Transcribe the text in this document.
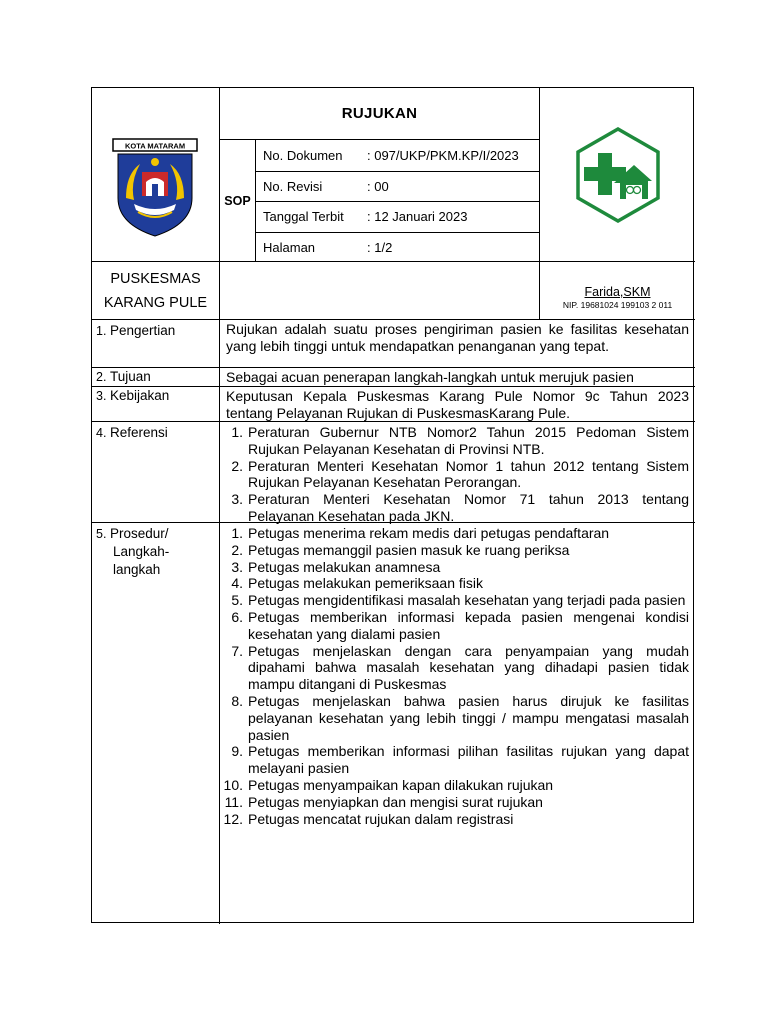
KOTA MATARAM
RUJUKAN
SOP
No. Dokumen	: 097/UKP/PKM.KP/I/2023
No. Revisi	: 00
Tanggal Terbit	: 12 Januari 2023
Halaman	: 1/2
PUSKESMAS
KARANG PULE
Farida,SKM
NIP. 19681024 199103 2 011
1. Pengertian	Rujukan adalah suatu proses pengiriman pasien ke fasilitas kesehatan yang lebih tinggi untuk mendapatkan penanganan yang tepat.
2. Tujuan	Sebagai acuan penerapan langkah-langkah untuk merujuk pasien
3. Kebijakan	Keputusan Kepala Puskesmas Karang Pule Nomor 9c Tahun 2023 tentang Pelayanan Rujukan di PuskesmasKarang Pule.
4. Referensi	1. Peraturan Gubernur NTB Nomor2 Tahun 2015 Pedoman Sistem Rujukan Pelayanan Kesehatan di Provinsi NTB.
2. Peraturan Menteri Kesehatan Nomor 1 tahun 2012 tentang Sistem Rujukan Pelayanan Kesehatan Perorangan.
3. Peraturan Menteri Kesehatan Nomor 71 tahun 2013 tentang Pelayanan Kesehatan pada JKN.
5. Prosedur/
Langkah-
langkah
1. Petugas menerima rekam medis dari petugas pendaftaran
2. Petugas memanggil pasien masuk ke ruang periksa
3. Petugas melakukan anamnesa
4. Petugas melakukan pemeriksaan fisik
5. Petugas mengidentifikasi masalah kesehatan yang terjadi pada pasien
6. Petugas memberikan informasi kepada pasien mengenai kondisi kesehatan yang dialami pasien
7. Petugas menjelaskan dengan cara penyampaian yang mudah dipahami bahwa masalah kesehatan yang dihadapi pasien tidak mampu ditangani di Puskesmas
8. Petugas menjelaskan bahwa pasien harus dirujuk ke fasilitas pelayanan kesehatan yang lebih tinggi / mampu mengatasi masalah pasien
9. Petugas memberikan informasi pilihan fasilitas rujukan yang dapat melayani pasien
10. Petugas menyampaikan kapan dilakukan rujukan
11. Petugas menyiapkan dan mengisi surat rujukan
12. Petugas mencatat rujukan dalam registrasi
